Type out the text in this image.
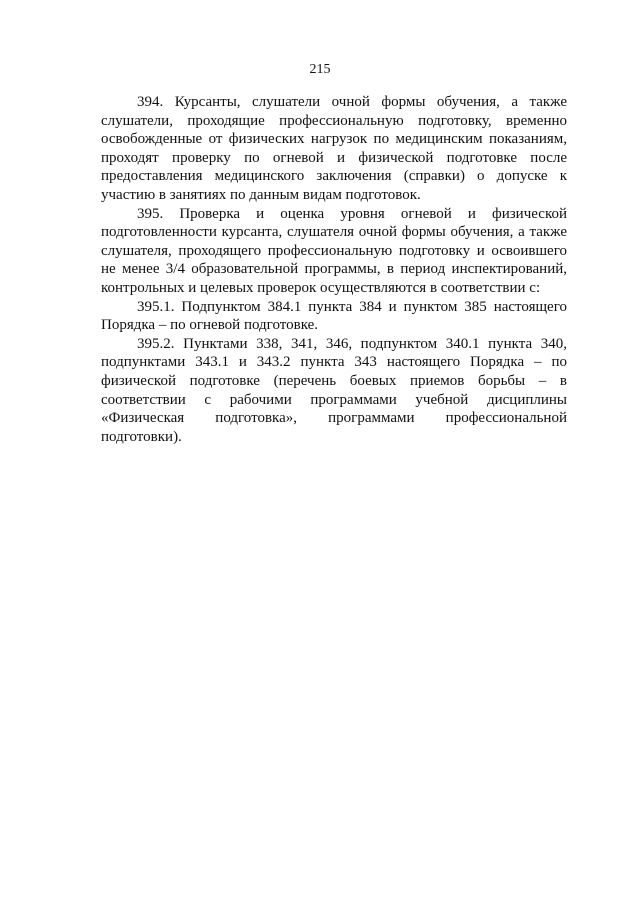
215

394. Курсанты, слушатели очной формы обучения, а также слушатели, проходящие профессиональную подготовку, временно освобожденные от физических нагрузок по медицинским показаниям, проходят проверку по огневой и физической подготовке после предоставления медицинского заключения (справки) о допуске к участию в занятиях по данным видам подготовок.

395. Проверка и оценка уровня огневой и физической подготовленности курсанта, слушателя очной формы обучения, а также слушателя, проходящего профессиональную подготовку и освоившего не менее 3/4 образовательной программы, в период инспектирований, контрольных и целевых проверок осуществляются в соответствии с:

395.1. Подпунктом 384.1 пункта 384 и пунктом 385 настоящего Порядка – по огневой подготовке.

395.2. Пунктами 338, 341, 346, подпунктом 340.1 пункта 340, подпунктами 343.1 и 343.2 пункта 343 настоящего Порядка – по физической подготовке (перечень боевых приемов борьбы – в соответствии с рабочими программами учебной дисциплины «Физическая подготовка», программами профессиональной подготовки).
